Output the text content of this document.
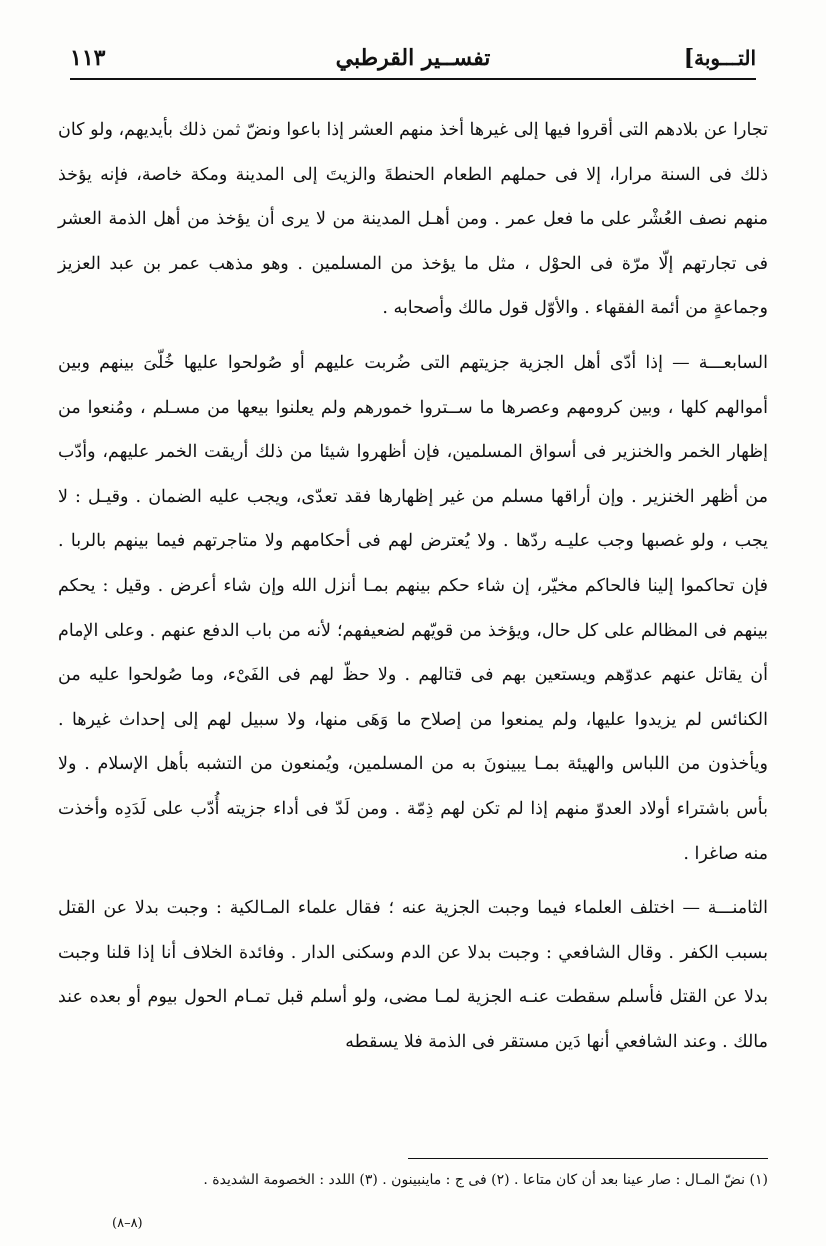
التـــوبة
]
تفســير القرطبي
١١٣

تجارا عن بلادهم التى أقروا فيها إلى غيرها أخذ منهم العشر إذا باعوا ونضّ ثمن ذلك بأيديهم، ولو كان ذلك فى السنة مرارا، إلا فى حملهم الطعام الحنطةَ والزيتَ إلى المدينة ومكة خاصة، فإنه يؤخذ منهم نصف العُشْر على ما فعل عمر . ومن أهـل المدينة من لا يرى أن يؤخذ من أهل الذمة العشر فى تجارتهم إلّا مرّة فى الحوْل ، مثل ما يؤخذ من المسلمين . وهو مذهب عمر بن عبد العزيز وجماعةٍ من أئمة الفقهاء . والأوّل قول مالك وأصحابه .

السابعـــة — إذا أدّى أهل الجزية جزيتهم التى ضُربت عليهم أو صُولحوا عليها خُلّىَ بينهم وبين أموالهم كلها ، وبين كرومهم وعصرها ما ســتروا خمورهم ولم يعلنوا بيعها من مسـلم ، ومُنعوا من إظهار الخمر والخنزير فى أسواق المسلمين، فإن أظهروا شيئا من ذلك أريقت الخمر عليهم، وأدّب من أظهر الخنزير . وإن أراقها مسلم من غير إظهارها فقد تعدّى، ويجب عليه الضمان . وقيـل : لا يجب ، ولو غصبها وجب عليـه ردّها . ولا يُعترض لهم فى أحكامهم ولا متاجرتهم فيما بينهم بالربا . فإن تحاكموا إلينا فالحاكم مخيّر، إن شاء حكم بينهم بمـا أنزل الله وإن شاء أعرض . وقيل : يحكم بينهم فى المظالم على كل حال، ويؤخذ من قويّهم لضعيفهم؛ لأنه من باب الدفع عنهم . وعلى الإمام أن يقاتل عنهم عدوّهم ويستعين بهم فى قتالهم . ولا حظّ لهم فى الفَىْء، وما صُولحوا عليه من الكنائس لم يزيدوا عليها، ولم يمنعوا من إصلاح ما وَهَى منها، ولا سبيل لهم إلى إحداث غيرها . ويأخذون من اللباس والهيئة بمـا يبينونَ به من المسلمين، ويُمنعون من التشبه بأهل الإسلام . ولا بأس باشتراء أولاد العدوّ منهم إذا لم تكن لهم ذِمّة . ومن لَدّ فى أداء جزيته أُدّب على لَدَدِه وأخذت منه صاغرا .

الثامنـــة — اختلف العلماء فيما وجبت الجزية عنه ؛ فقال علماء المـالكية : وجبت بدلا عن القتل بسبب الكفر . وقال الشافعي : وجبت بدلا عن الدم وسكنى الدار . وفائدة الخلاف أنا إذا قلنا وجبت بدلا عن القتل فأسلم سقطت عنـه الجزية لمـا مضى، ولو أسلم قبل تمـام الحول بيوم أو بعده عند مالك . وعند الشافعي أنها دَين مستقر فى الذمة فلا يسقطه

(١) نضّ المـال : صار عينا بعد أن كان متاعا . (٢) فى ج : ماينبينون . (٣) اللدد : الخصومة الشديدة .
(٨–٨)
